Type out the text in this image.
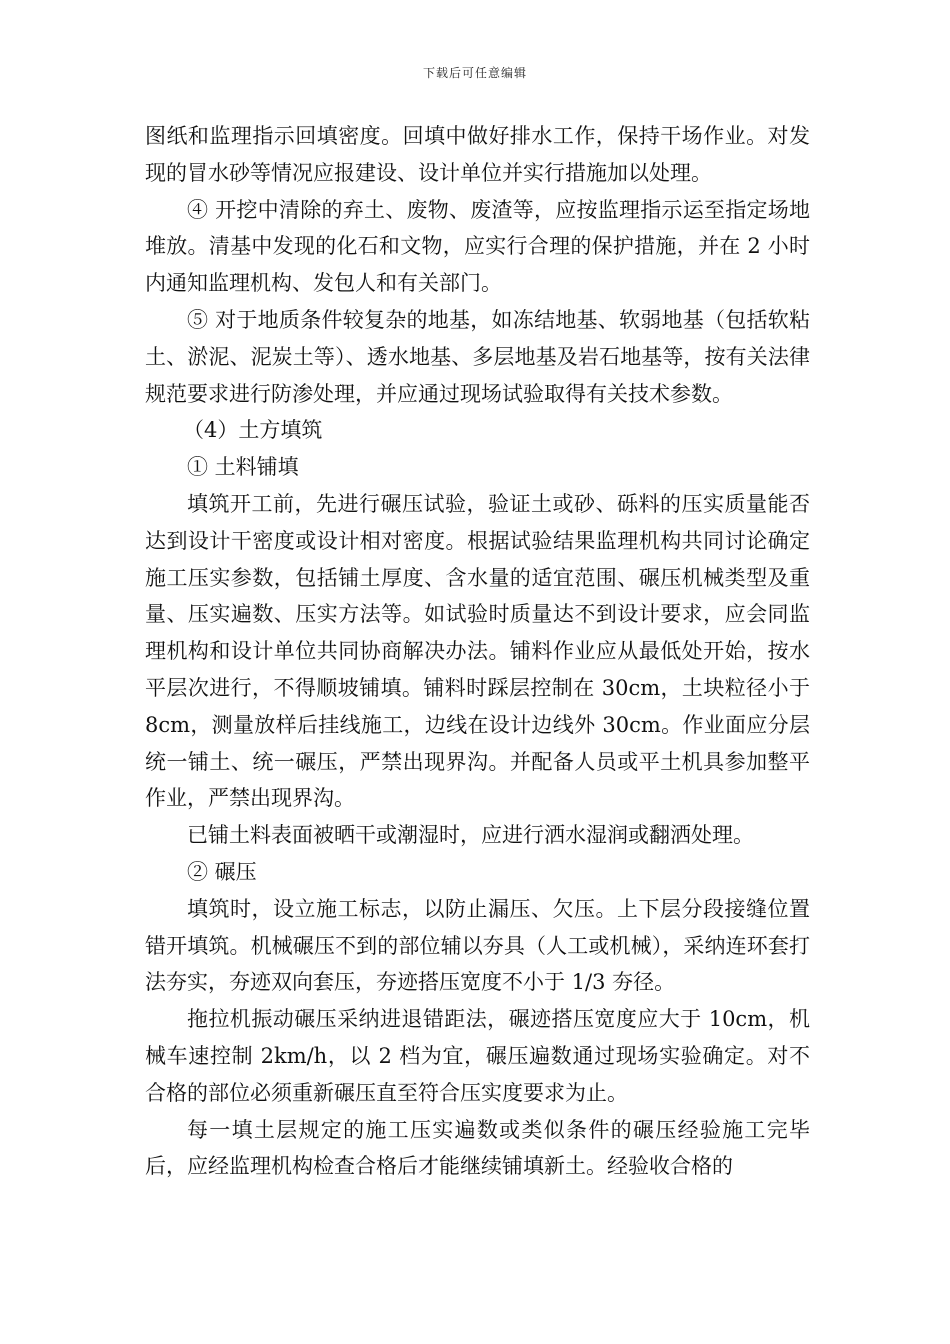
下载后可任意编辑

图纸和监理指示回填密度。回填中做好排水工作，保持干场作业。对发现的冒水砂等情况应报建设、设计单位并实行措施加以处理。

④ 开挖中清除的弃土、废物、废渣等，应按监理指示运至指定场地堆放。清基中发现的化石和文物，应实行合理的保护措施，并在 2 小时内通知监理机构、发包人和有关部门。

⑤ 对于地质条件较复杂的地基，如冻结地基、软弱地基（包括软粘土、淤泥、泥炭土等）、透水地基、多层地基及岩石地基等，按有关法律规范要求进行防渗处理，并应通过现场试验取得有关技术参数。

（4）土方填筑

① 土料铺填

填筑开工前，先进行碾压试验，验证土或砂、砾料的压实质量能否达到设计干密度或设计相对密度。根据试验结果监理机构共同讨论确定施工压实参数，包括铺土厚度、含水量的适宜范围、碾压机械类型及重量、压实遍数、压实方法等。如试验时质量达不到设计要求，应会同监理机构和设计单位共同协商解决办法。铺料作业应从最低处开始，按水平层次进行，不得顺坡铺填。铺料时踩层控制在 30cm，土块粒径小于 8cm，测量放样后挂线施工，边线在设计边线外 30cm。作业面应分层统一铺土、统一碾压，严禁出现界沟。并配备人员或平土机具参加整平作业，严禁出现界沟。

已铺土料表面被晒干或潮湿时，应进行洒水湿润或翻洒处理。

② 碾压

填筑时，设立施工标志，以防止漏压、欠压。上下层分段接缝位置错开填筑。机械碾压不到的部位辅以夯具（人工或机械），采纳连环套打法夯实，夯迹双向套压，夯迹搭压宽度不小于 1/3 夯径。

拖拉机振动碾压采纳进退错距法，碾迹搭压宽度应大于 10cm，机械车速控制 2km/h，以 2 档为宜，碾压遍数通过现场实验确定。对不合格的部位必须重新碾压直至符合压实度要求为止。

每一填土层规定的施工压实遍数或类似条件的碾压经验施工完毕后，应经监理机构检查合格后才能继续铺填新土。经验收合格的
